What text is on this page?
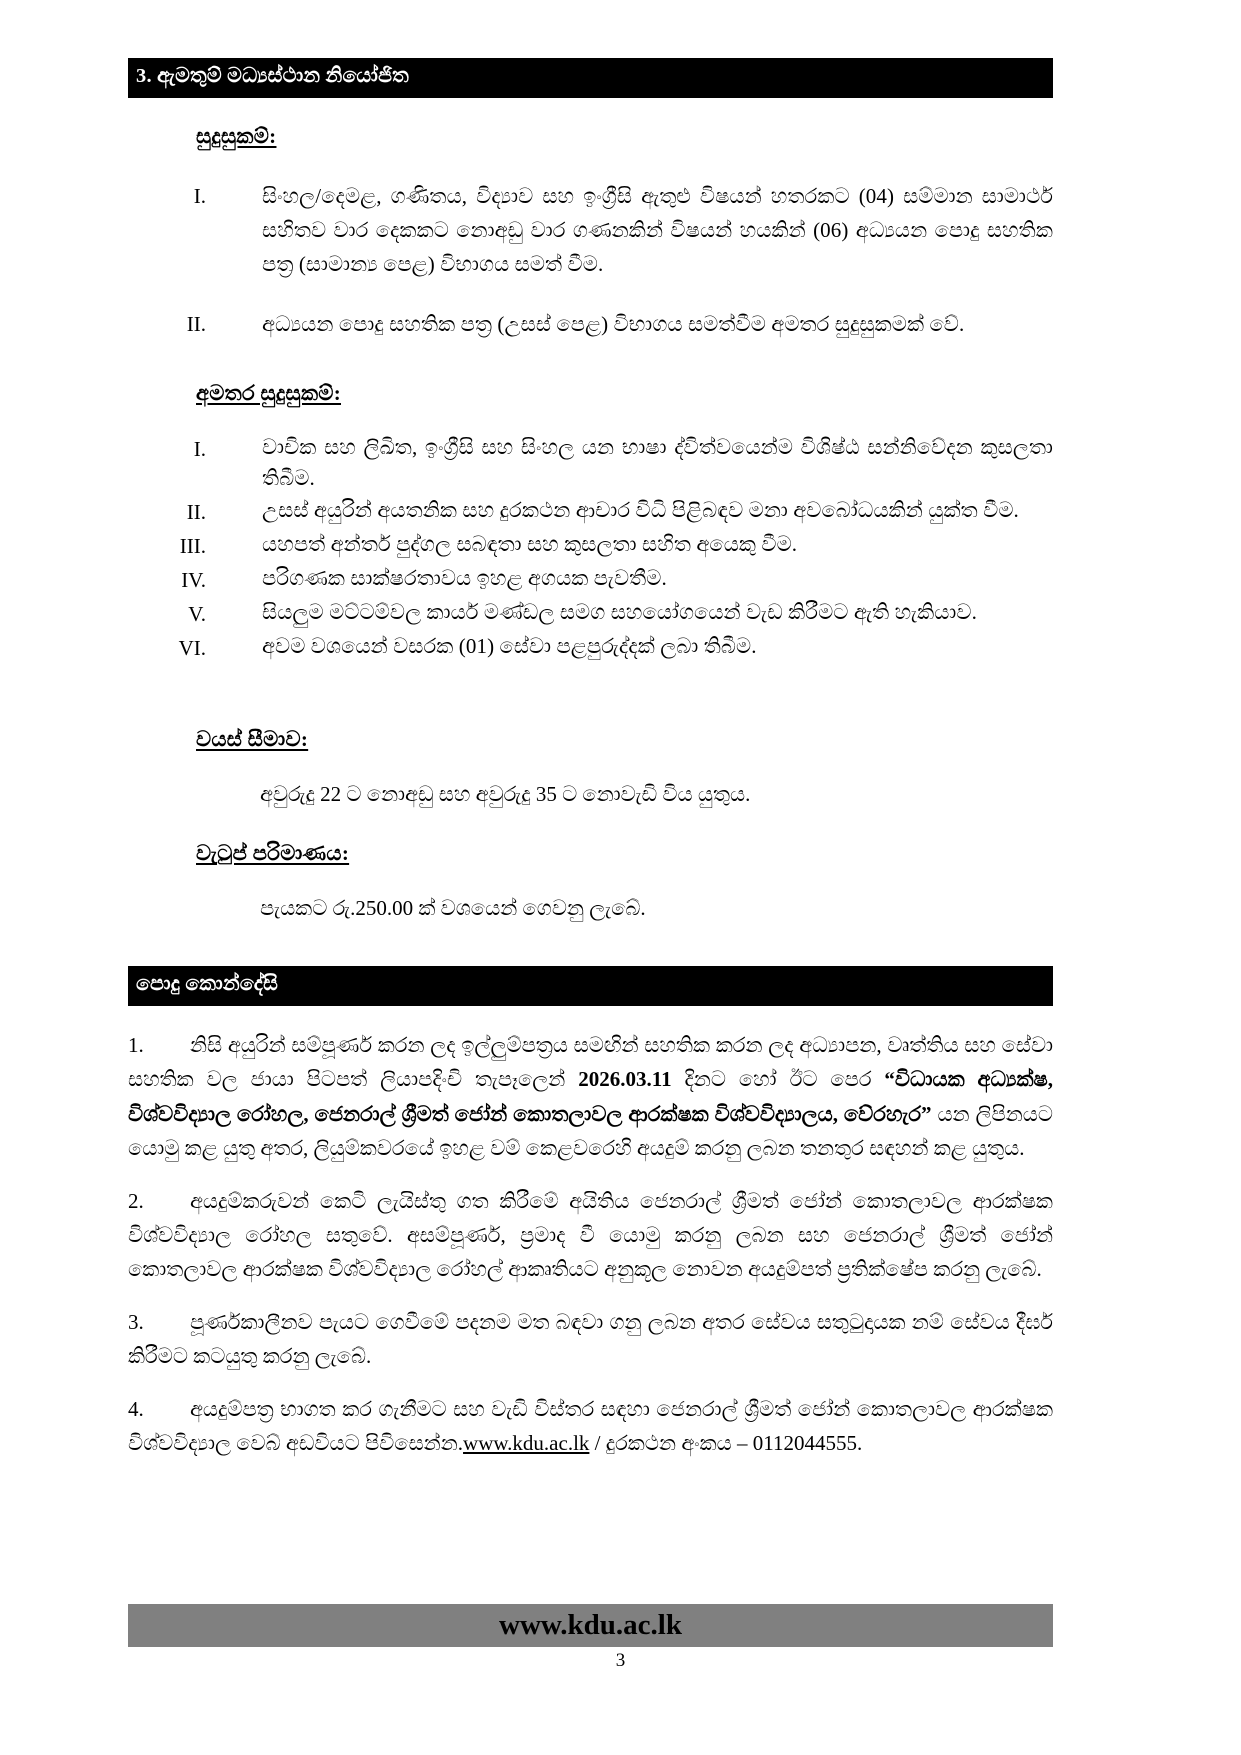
3. ඇමතුම් මධ්‍යස්ථාන නියෝජිත
සුදුසුකම්:
I.	සිංහල/දෙමළ, ගණිතය, විද්‍යාව සහ ඉංග්‍රීසි ඇතුළු විෂයන් හතරකට (04) සම්මාන සාමාර්ථ සහිතව වාර දෙකකට නොඅඩු වාර ගණනකින් විෂයන් හයකින් (06) අධ්‍යයන පොදු සහතික පත්‍ර (සාමාන්‍ය පෙළ) විභාගය සමත් වීම.
II.	අධ්‍යයන පොදු සහතික පත්‍ර (උසස් පෙළ) විභාගය සමත්වීම අමතර සුදුසුකමක් වේ.
අමතර සුදුසුකම්:
I.	වාචික සහ ලිඛිත, ඉංග්‍රීසි සහ සිංහල යන භාෂා ද්විත්වයෙන්ම විශිෂ්ඨ සන්නිවේදන කුසලතා තිබීම.
II.	උසස් අයුරින් අයතනික සහ දුරකථන ආචාර විධි පිළිබඳව මනා අවබෝධයකින් යුක්ත වීම.
III.	යහපත් අන්තර් පුද්ගල සබඳතා සහ කුසලතා සහිත අයෙකු වීම.
IV.	පරිගණක සාක්ෂරතාවය ඉහළ අගයක පැවතීම.
V.	සියලුම මට්ටම්වල කාර්ය මණ්ඩල සමග සහයෝගයෙන් වැඩ කිරීමට ඇති හැකියාව.
VI.	අවම වශයෙන් වසරක (01) සේවා පළපුරුද්දක් ලබා තිබීම.
වයස් සීමාව:
අවුරුදු 22 ට නොඅඩු සහ අවුරුදු 35 ට නොවැඩි විය යුතුය.
වැටුප් පරිමාණය:
පැයකට රු.250.00 ක් වශයෙන් ගෙවනු ලැබේ.
පොදු කොන්දේසි

1. නිසි අයුරින් සම්පූර්ණ කරන ලද ඉල්ලුම්පත්‍රය සමඟින් සහතික කරන ලද අධ්‍යාපන, වෘත්තිය සහ සේවා සහතික වල ජායා පිටපත් ලියාපදිංචි තැපෑලෙන් 2026.03.11 දිනට හෝ ඊට පෙර “විධායක අධ්‍යක්ෂ, විශ්වවිද්‍යාල රෝහල, ජෙනරාල් ශ්‍රීමත් ජෝන් කොතලාවල ආරක්ෂක විශ්වවිද්‍යාලය, වේරහැර” යන ලිපිනයට යොමු කළ යුතු අතර, ලියුම්කවරයේ ඉහළ වම් කෙළවරෙහි අයදුම් කරනු ලබන තනතුර සඳහන් කළ යුතුය.

2. අයදුම්කරුවන් කෙටි ලැයිස්තු ගත කිරීමේ අයිතිය ජෙනරාල් ශ්‍රීමත් ජෝන් කොතලාවල ආරක්ෂක විශ්වවිද්‍යාල රෝහල සතුවේ. අසම්පූර්ණ, ප්‍රමාද වී යොමු කරනු ලබන සහ ජෙනරාල් ශ්‍රීමත් ජෝන් කොතලාවල ආරක්ෂක විශ්වවිද්‍යාල රෝහල් ආකෘතියට අනුකූල නොවන අයදුම්පත් ප්‍රතික්ෂේප කරනු ලැබේ.

3. පූර්ණකාලීනව පැයට ගෙවීමේ පදනම මත බඳවා ගනු ලබන අතර සේවය සතුටුදායක නම් සේවය දීර්ඝ කිරීමට කටයුතු කරනු ලැබේ.

4. අයදුම්පත්‍ර භාගත කර ගැනීමට සහ වැඩි විස්තර සඳහා ජෙනරාල් ශ්‍රීමත් ජෝන් කොතලාවල ආරක්ෂක විශ්වවිද්‍යාල වෙබ් අඩවියට පිවිසෙන්න.www.kdu.ac.lk / දුරකථන අංකය – 0112044555.

www.kdu.ac.lk
3
